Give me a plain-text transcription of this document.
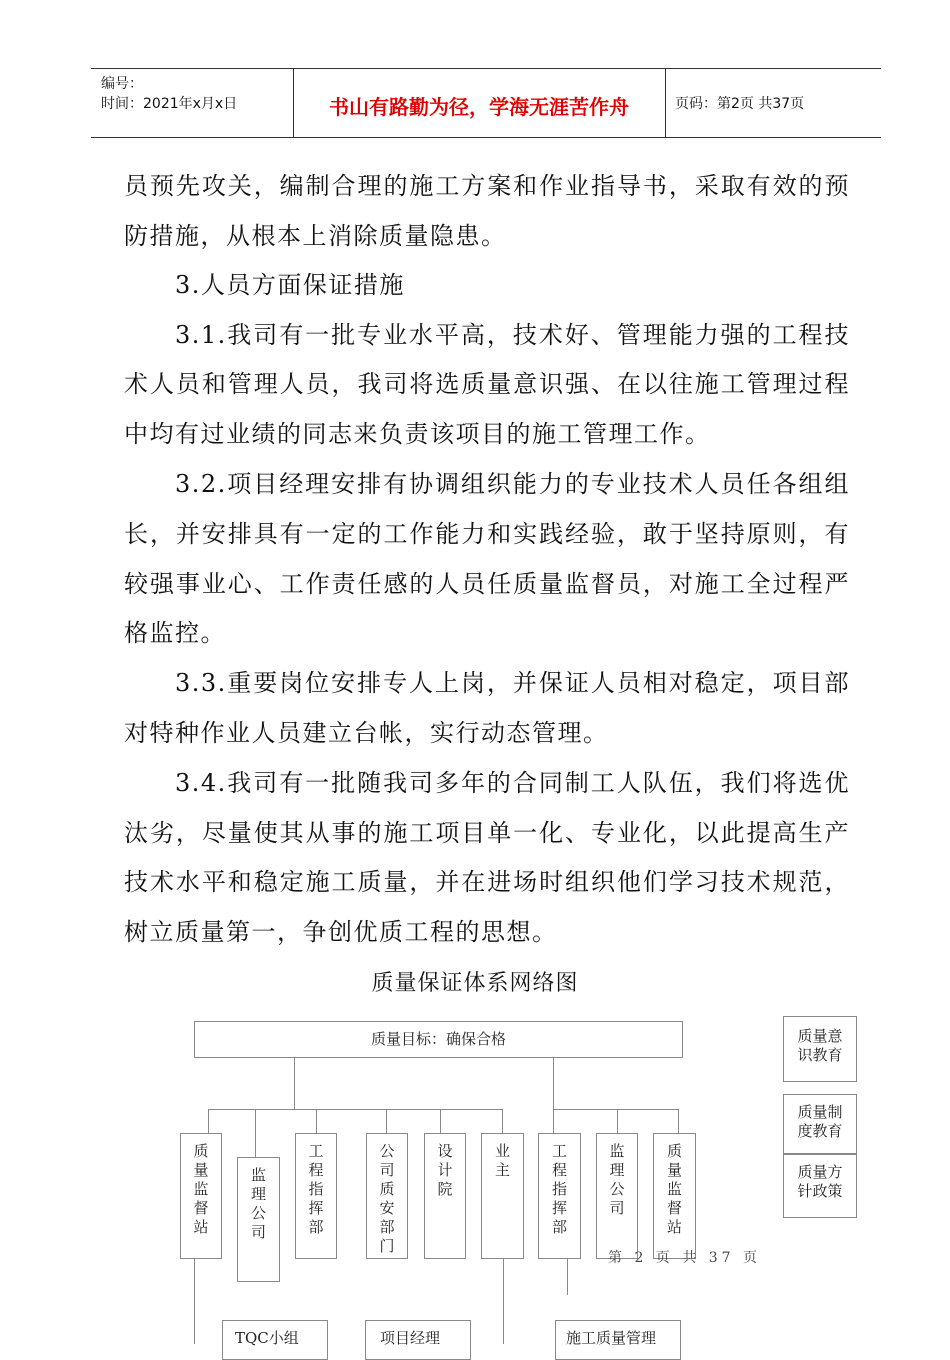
编号：
时间：2021年x月x日	书山有路勤为径，学海无涯苦作舟	页码：第2页 共37页
员预先攻关，编制合理的施工方案和作业指导书，采取有效的预
防措施，从根本上消除质量隐患。
3.人员方面保证措施
3.1.我司有一批专业水平高，技术好、管理能力强的工程技
术人员和管理人员，我司将选质量意识强、在以往施工管理过程
中均有过业绩的同志来负责该项目的施工管理工作。
3.2.项目经理安排有协调组织能力的专业技术人员任各组组
长，并安排具有一定的工作能力和实践经验，敢于坚持原则，有
较强事业心、工作责任感的人员任质量监督员，对施工全过程严
格监控。
3.3.重要岗位安排专人上岗，并保证人员相对稳定，项目部
对特种作业人员建立台帐，实行动态管理。
3.4.我司有一批随我司多年的合同制工人队伍，我们将选优
汰劣，尽量使其从事的施工项目单一化、专业化，以此提高生产
技术水平和稳定施工质量，并在进场时组织他们学习技术规范，
树立质量第一，争创优质工程的思想。
质量保证体系网络图
质量目标：确保合格	质量意
识教育
质量制
度教育
质量方
针政策
质
量
监
督
站
监
理
公
司
工
程
指
挥
部
公
司
质
安
部
门
设
计
院
业
主
工
程
指
挥
部
监
理
公
司
质
量
监
督
站
第 2 页 共 37 页
TQC小组	项目经理	施工质量管理
